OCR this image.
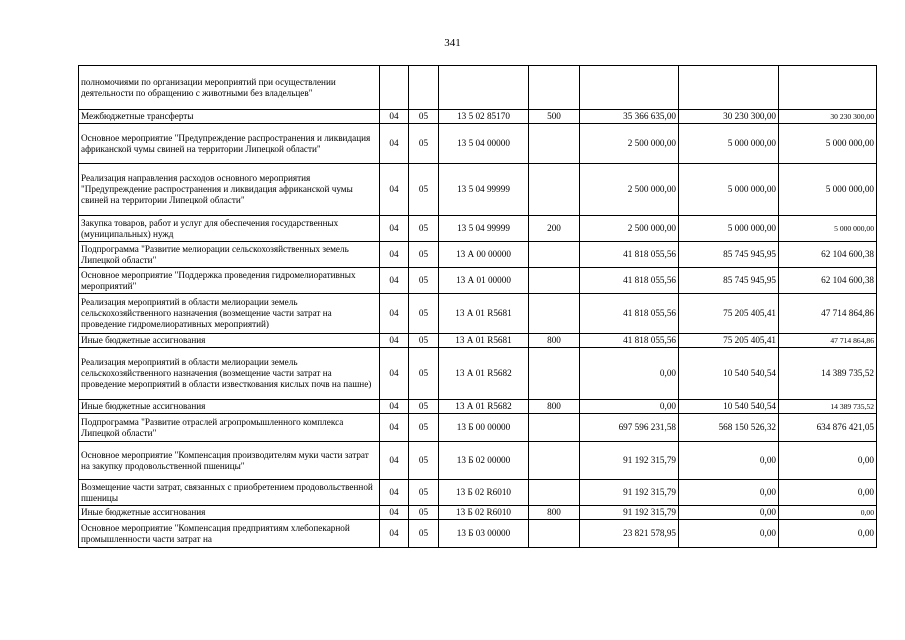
341
полномочиями по организации мероприятий при осуществлении деятельности по обращению с животными без владельцев"							
Межбюджетные трансферты	04	05	13 5 02 85170	500	35 366 635,00	30 230 300,00	30 230 300,00
Основное мероприятие "Предупреждение распространения и ликвидация африканской чумы свиней на территории Липецкой области"	04	05	13 5 04 00000		2 500 000,00	5 000 000,00	5 000 000,00
Реализация направления расходов основного мероприятия "Предупреждение распространения и ликвидация африканской чумы свиней на территории Липецкой области"	04	05	13 5 04 99999		2 500 000,00	5 000 000,00	5 000 000,00
Закупка товаров, работ и услуг для обеспечения государственных (муниципальных) нужд	04	05	13 5 04 99999	200	2 500 000,00	5 000 000,00	5 000 000,00
Подпрограмма "Развитие мелиорации сельскохозяйственных земель Липецкой области"	04	05	13 А 00 00000		41 818 055,56	85 745 945,95	62 104 600,38
Основное мероприятие "Поддержка проведения гидромелиоративных мероприятий"	04	05	13 А 01 00000		41 818 055,56	85 745 945,95	62 104 600,38
Реализация мероприятий в области мелиорации земель сельскохозяйственного назначения (возмещение части затрат на проведение гидромелиоративных мероприятий)	04	05	13 А 01 R5681		41 818 055,56	75 205 405,41	47 714 864,86
Иные бюджетные ассигнования	04	05	13 А 01 R5681	800	41 818 055,56	75 205 405,41	47 714 864,86
Реализация мероприятий в области мелиорации земель сельскохозяйственного назначения (возмещение части затрат на проведение мероприятий в области известкования кислых почв на пашне)	04	05	13 А 01 R5682		0,00	10 540 540,54	14 389 735,52
Иные бюджетные ассигнования	04	05	13 А 01 R5682	800	0,00	10 540 540,54	14 389 735,52
Подпрограмма "Развитие отраслей агропромышленного комплекса Липецкой области"	04	05	13 Б 00 00000		697 596 231,58	568 150 526,32	634 876 421,05
Основное мероприятие "Компенсация производителям муки части затрат на закупку продовольственной пшеницы"	04	05	13 Б 02 00000		91 192 315,79	0,00	0,00
Возмещение части затрат, связанных с приобретением продовольственной пшеницы	04	05	13 Б 02 R6010		91 192 315,79	0,00	0,00
Иные бюджетные ассигнования	04	05	13 Б 02 R6010	800	91 192 315,79	0,00	0,00
Основное мероприятие "Компенсация предприятиям хлебопекарной промышленности части затрат на	04	05	13 Б 03 00000		23 821 578,95	0,00	0,00
